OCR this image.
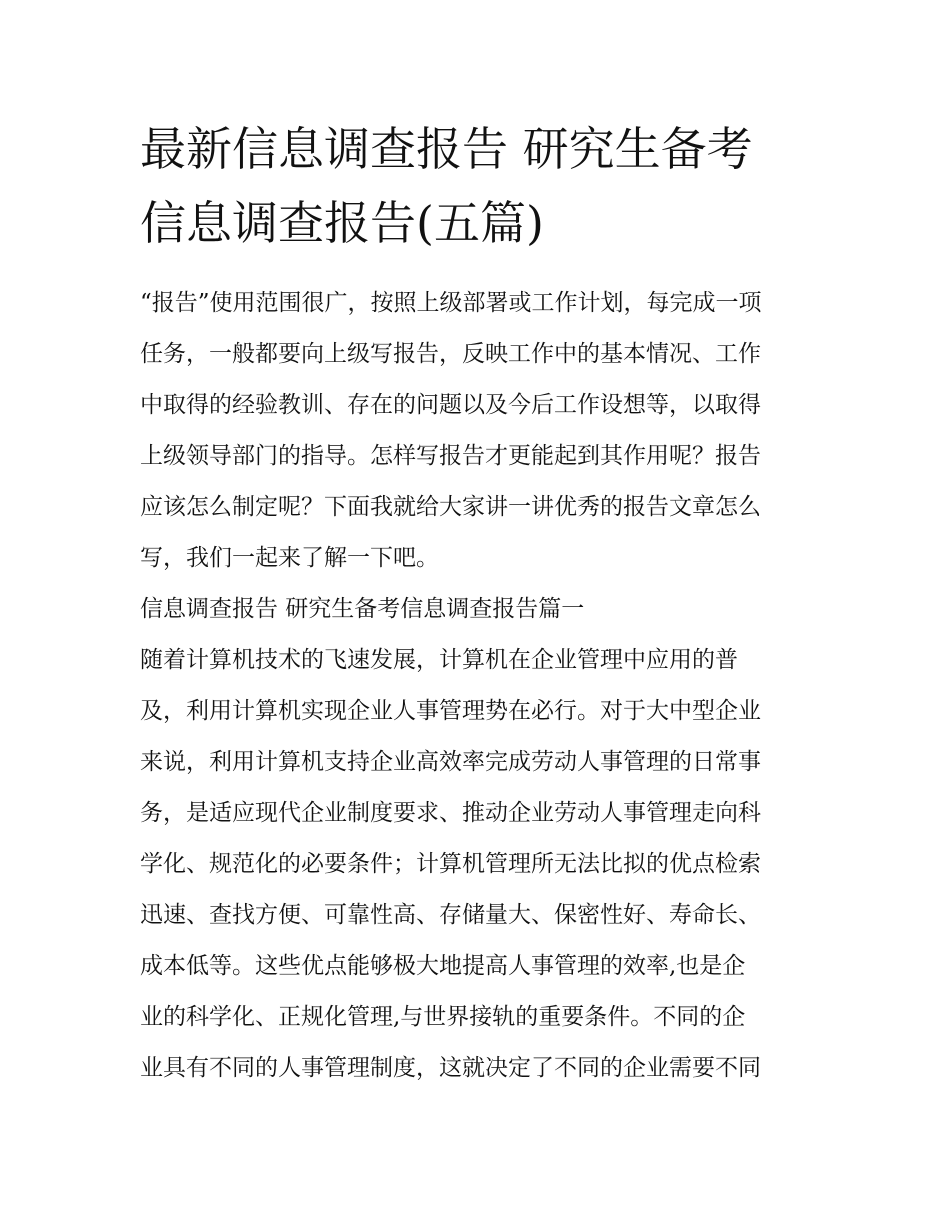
最新信息调查报告 研究生备考
信息调查报告(五篇)
“报告”使用范围很广，按照上级部署或工作计划，每完成一项
任务，一般都要向上级写报告，反映工作中的基本情况、工作
中取得的经验教训、存在的问题以及今后工作设想等，以取得
上级领导部门的指导。怎样写报告才更能起到其作用呢？报告
应该怎么制定呢？下面我就给大家讲一讲优秀的报告文章怎么
写，我们一起来了解一下吧。
信息调查报告 研究生备考信息调查报告篇一
随着计算机技术的飞速发展，计算机在企业管理中应用的普
及，利用计算机实现企业人事管理势在必行。对于大中型企业
来说，利用计算机支持企业高效率完成劳动人事管理的日常事
务，是适应现代企业制度要求、推动企业劳动人事管理走向科
学化、规范化的必要条件；计算机管理所无法比拟的优点检索
迅速、查找方便、可靠性高、存储量大、保密性好、寿命长、
成本低等。这些优点能够极大地提高人事管理的效率,也是企
业的科学化、正规化管理,与世界接轨的重要条件。不同的企
业具有不同的人事管理制度，这就决定了不同的企业需要不同
